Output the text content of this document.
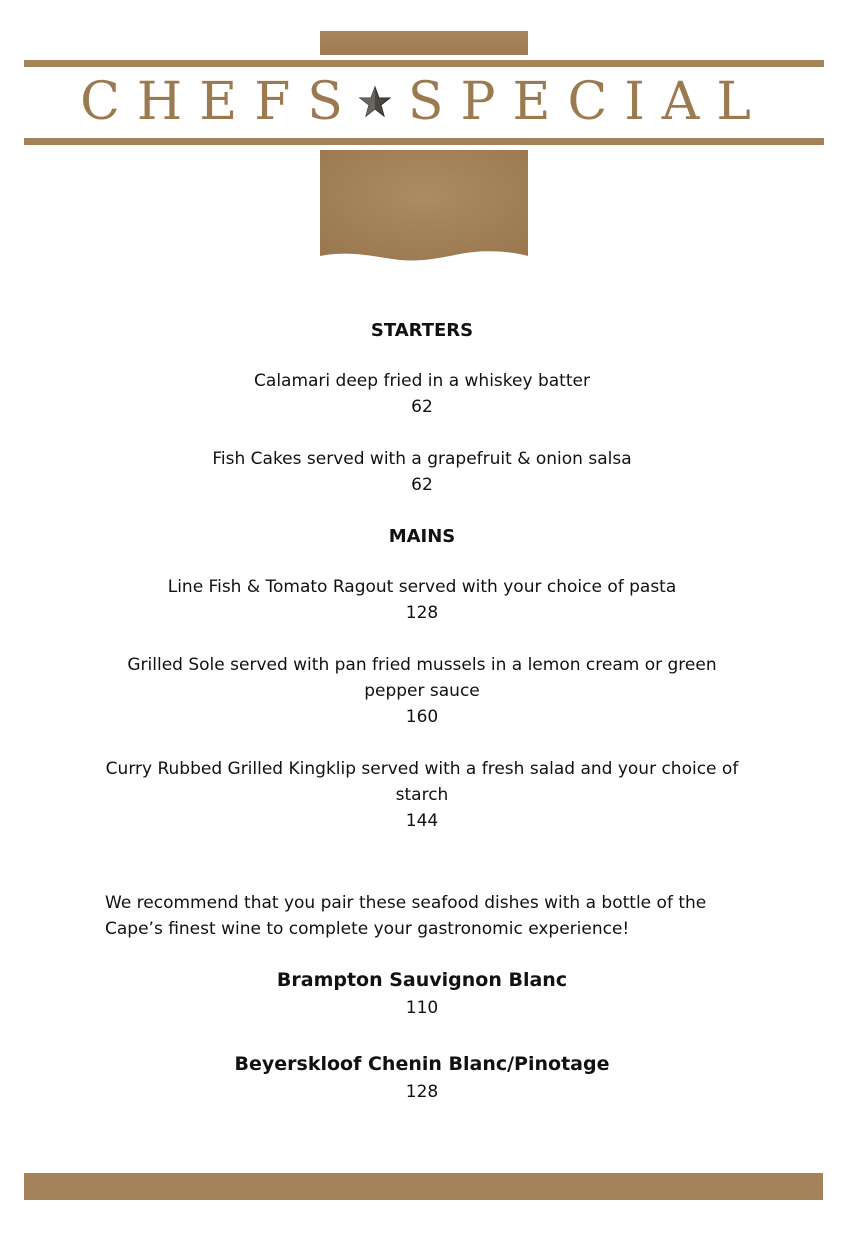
CHEFS SPECIAL
STARTERS
Calamari deep fried in a whiskey batter
62
Fish Cakes served with a grapefruit & onion salsa
62
MAINS
Line Fish & Tomato Ragout served with your choice of pasta
128
Grilled Sole served with pan fried mussels in a lemon cream or green pepper sauce
160
Curry Rubbed Grilled Kingklip served with a fresh salad and your choice of starch
144
We recommend that you pair these seafood dishes with a bottle of the Cape’s finest wine to complete your gastronomic experience!
Brampton Sauvignon Blanc
110
Beyerskloof Chenin Blanc/Pinotage
128
